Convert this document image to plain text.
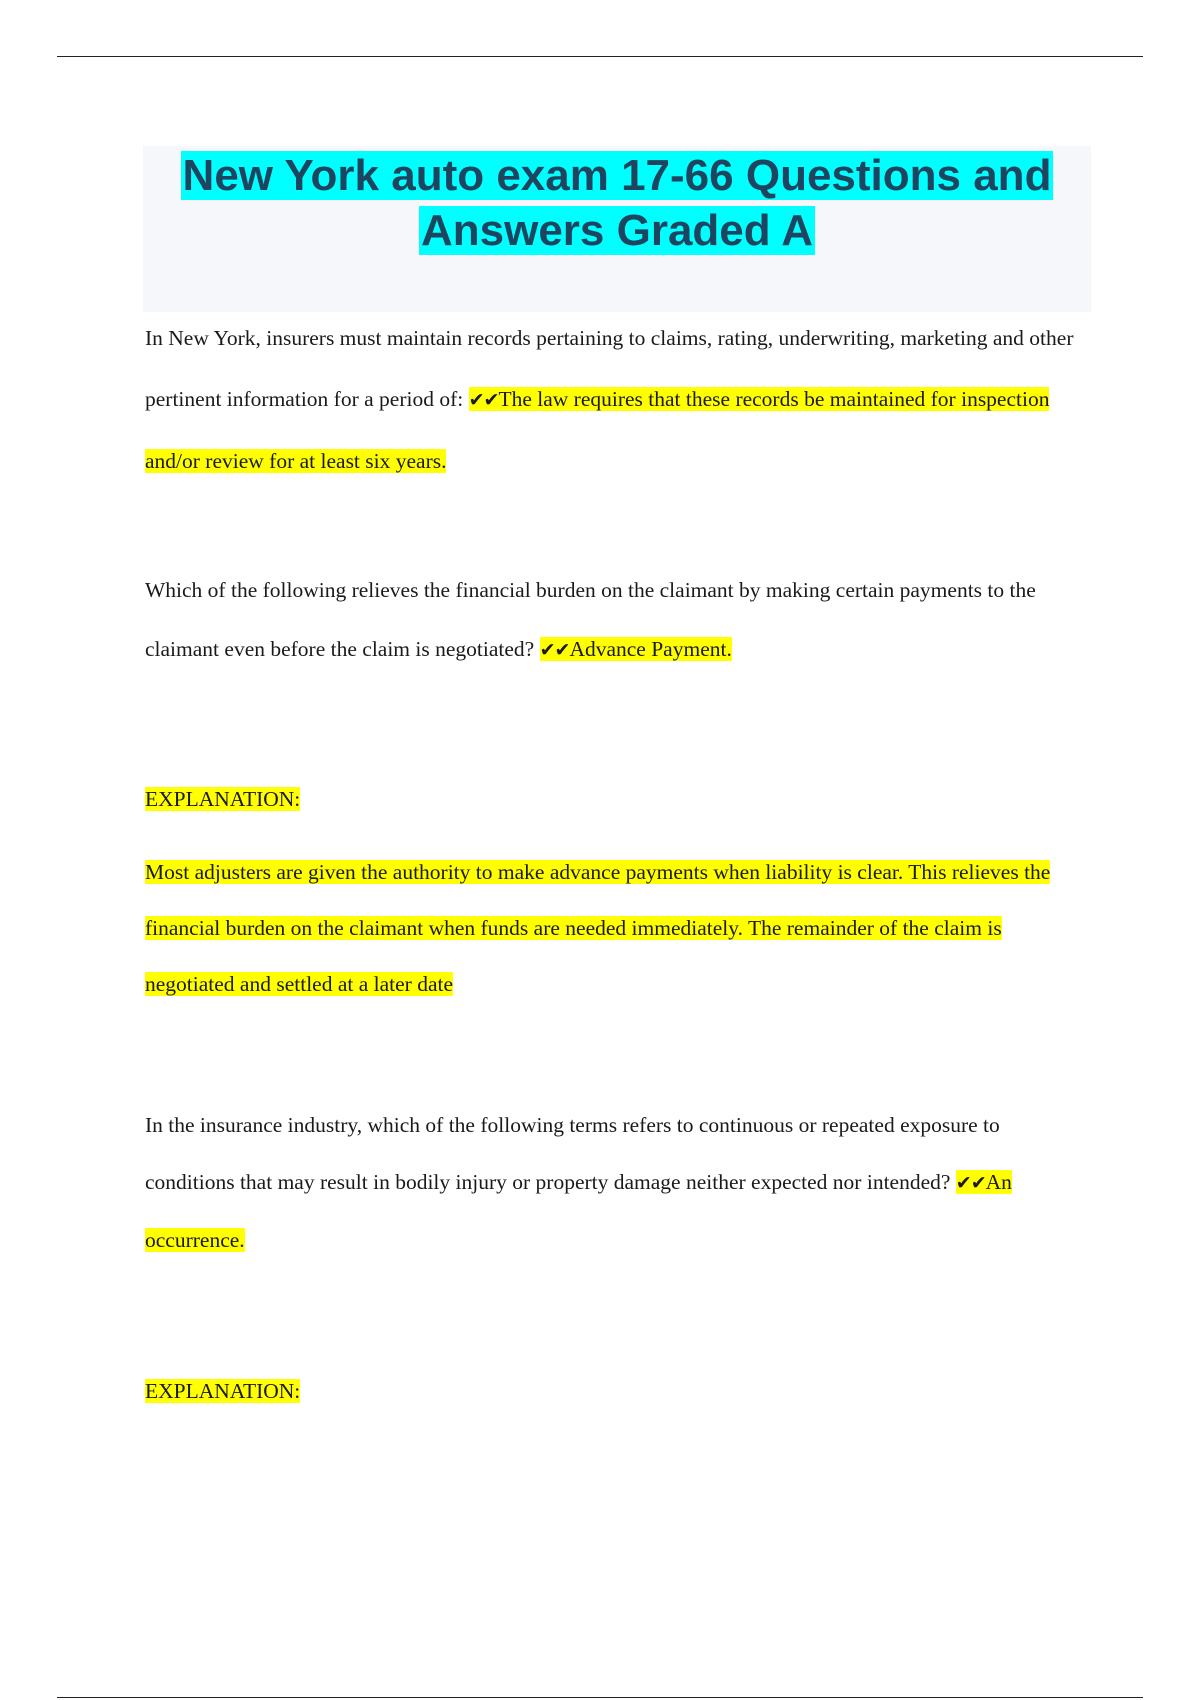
New York auto exam 17-66 Questions and Answers Graded A

In New York, insurers must maintain records pertaining to claims, rating, underwriting, marketing and other pertinent information for a period of: ✔✔The law requires that these records be maintained for inspection and/or review for at least six years.

Which of the following relieves the financial burden on the claimant by making certain payments to the claimant even before the claim is negotiated? ✔✔Advance Payment.

EXPLANATION:

Most adjusters are given the authority to make advance payments when liability is clear. This relieves the financial burden on the claimant when funds are needed immediately. The remainder of the claim is negotiated and settled at a later date

In the insurance industry, which of the following terms refers to continuous or repeated exposure to conditions that may result in bodily injury or property damage neither expected nor intended? ✔✔An occurrence.

EXPLANATION:
